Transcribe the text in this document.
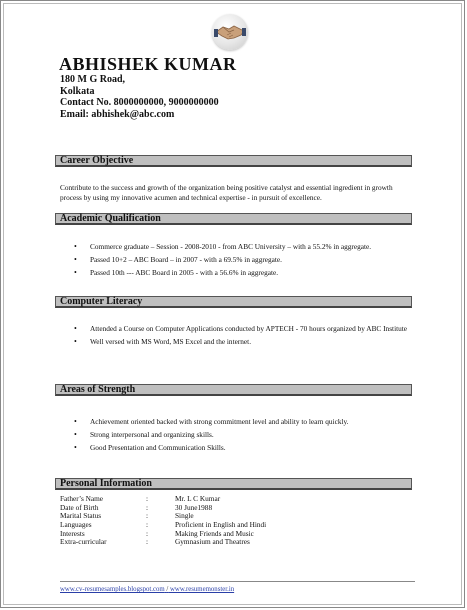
ABHISHEK KUMAR
180 M G Road,
Kolkata
Contact No. 8000000000, 9000000000
Email: abhishek@abc.com
Career Objective
Contribute to the success and growth of the organization being positive catalyst and essential ingredient in growth process by using my innovative acumen and technical expertise - in pursuit of excellence.
Academic Qualification
• Commerce graduate – Session - 2008-2010 - from ABC University – with a 55.2% in aggregate.
• Passed 10+2 – ABC Board – in 2007 - with a 69.5% in aggregate.
• Passed 10th --- ABC Board in 2005 - with a 56.6% in aggregate.
Computer Literacy
• Attended a Course on Computer Applications conducted by APTECH - 70 hours organized by ABC Institute
• Well versed with MS Word, MS Excel and the internet.
Areas of Strength
• Achievement oriented backed with strong commitment level and ability to learn quickly.
• Strong interpersonal and organizing skills.
• Good Presentation and Communication Skills.
Personal Information
Father’s Name	:	Mr. L C Kumar
Date of Birth	:	30 June1988
Marital Status	:	Single
Languages	:	Proficient in English and Hindi
Interests	:	Making Friends and Music
Extra-curricular	:	Gymnasium and Theatres
www.cv-resumesamples.blogspot.com / www.resumemonster.in
